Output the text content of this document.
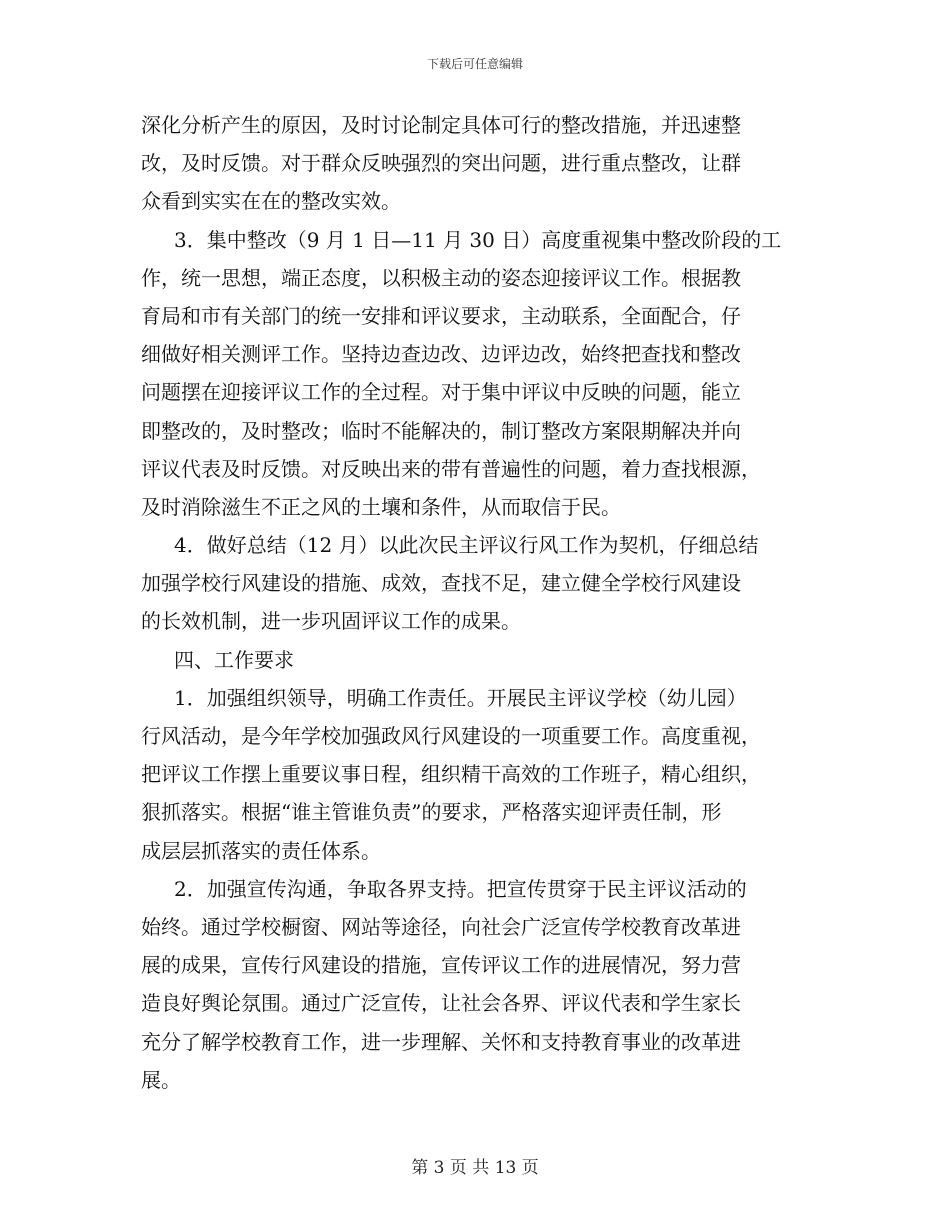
下载后可任意编辑
深化分析产生的原因，及时讨论制定具体可行的整改措施，并迅速整
改，及时反馈。对于群众反映强烈的突出问题，进行重点整改，让群
众看到实实在在的整改实效。
3．集中整改（9 月 1 日—11 月 30 日）高度重视集中整改阶段的工
作，统一思想，端正态度，以积极主动的姿态迎接评议工作。根据教
育局和市有关部门的统一安排和评议要求，主动联系，全面配合，仔
细做好相关测评工作。坚持边查边改、边评边改，始终把查找和整改
问题摆在迎接评议工作的全过程。对于集中评议中反映的问题，能立
即整改的，及时整改；临时不能解决的，制订整改方案限期解决并向
评议代表及时反馈。对反映出来的带有普遍性的问题，着力查找根源，
及时消除滋生不正之风的土壤和条件，从而取信于民。
4．做好总结（12 月）以此次民主评议行风工作为契机，仔细总结
加强学校行风建设的措施、成效，查找不足，建立健全学校行风建设
的长效机制，进一步巩固评议工作的成果。
四、工作要求
1．加强组织领导，明确工作责任。开展民主评议学校（幼儿园）
行风活动，是今年学校加强政风行风建设的一项重要工作。高度重视，
把评议工作摆上重要议事日程，组织精干高效的工作班子，精心组织，
狠抓落实。根据“谁主管谁负责”的要求，严格落实迎评责任制，形
成层层抓落实的责任体系。
2．加强宣传沟通，争取各界支持。把宣传贯穿于民主评议活动的
始终。通过学校橱窗、网站等途径，向社会广泛宣传学校教育改革进
展的成果，宣传行风建设的措施，宣传评议工作的进展情况，努力营
造良好舆论氛围。通过广泛宣传，让社会各界、评议代表和学生家长
充分了解学校教育工作，进一步理解、关怀和支持教育事业的改革进
展。
第 3 页 共 13 页
